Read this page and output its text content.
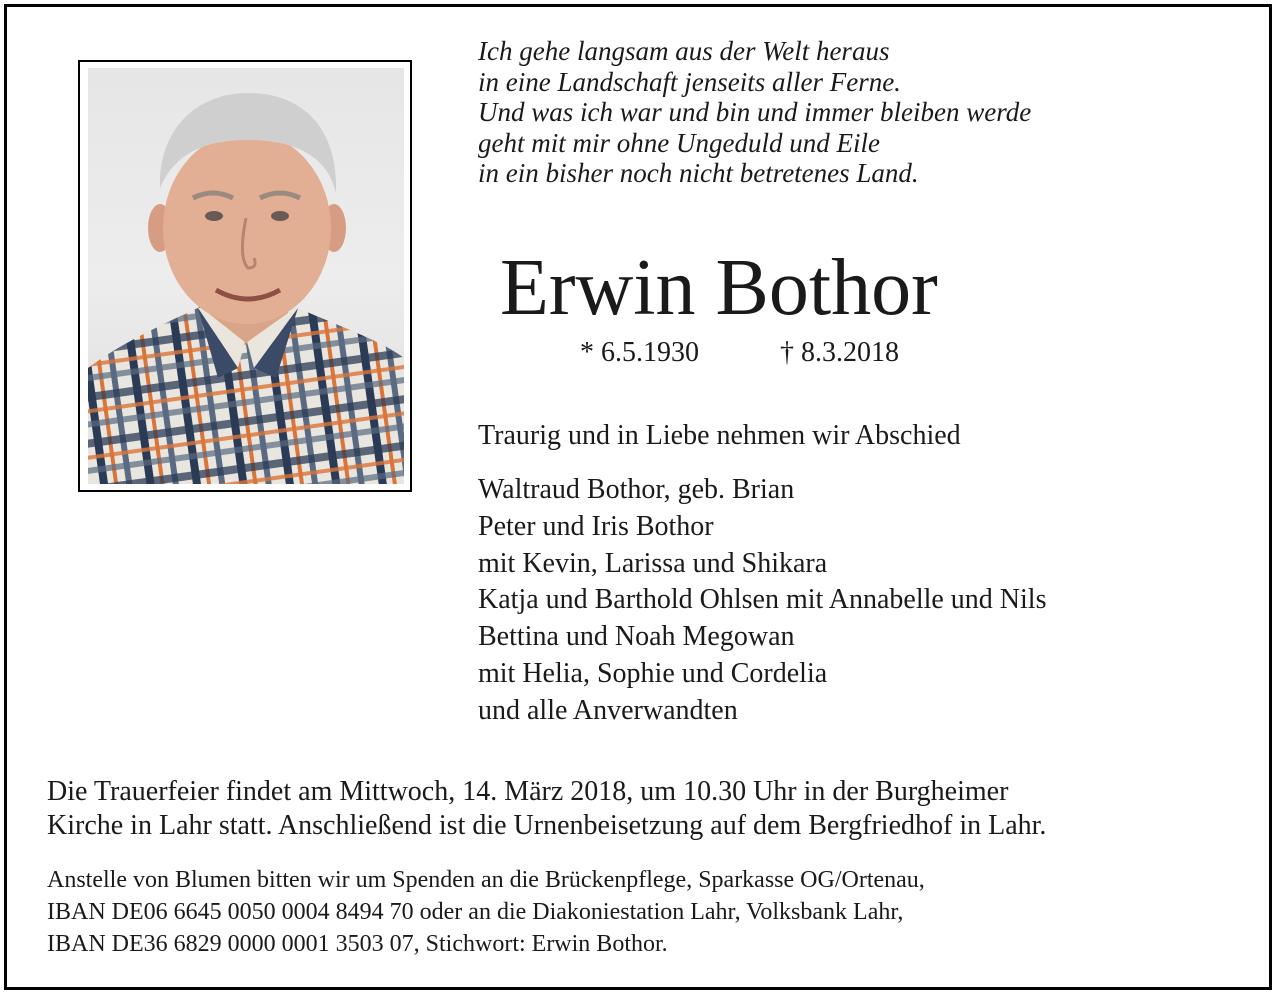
Ich gehe langsam aus der Welt heraus
in eine Landschaft jenseits aller Ferne.
Und was ich war und bin und immer bleiben werde
geht mit mir ohne Ungeduld und Eile
in ein bisher noch nicht betretenes Land.
Erwin Bothor
* 6.5.1930	† 8.3.2018
Traurig und in Liebe nehmen wir Abschied
Waltraud Bothor, geb. Brian
Peter und Iris Bothor
mit Kevin, Larissa und Shikara
Katja und Barthold Ohlsen mit Annabelle und Nils
Bettina und Noah Megowan
mit Helia, Sophie und Cordelia
und alle Anverwandten
Die Trauerfeier findet am Mittwoch, 14. März 2018, um 10.30 Uhr in der Burgheimer
Kirche in Lahr statt. Anschließend ist die Urnenbeisetzung auf dem Bergfriedhof in Lahr.
Anstelle von Blumen bitten wir um Spenden an die Brückenpflege, Sparkasse OG/Ortenau,
IBAN DE06 6645 0050 0004 8494 70 oder an die Diakoniestation Lahr, Volksbank Lahr,
IBAN DE36 6829 0000 0001 3503 07, Stichwort: Erwin Bothor.
